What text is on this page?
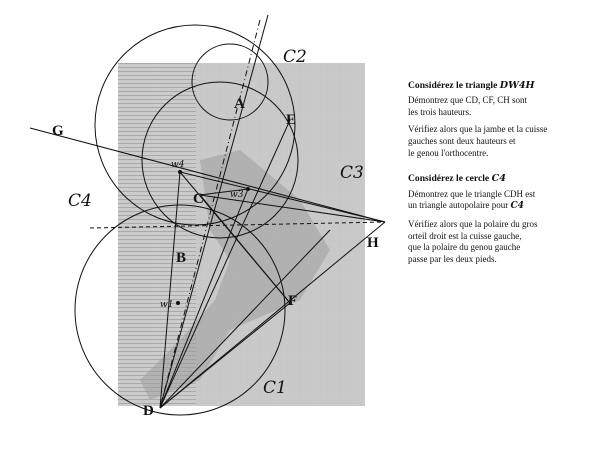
A
E
G
C
B
H
F
D
w4
w3
w1
C2
C3
C4
C1
Considérez le triangle DW4H

Démontrez que CD, CF, CH sont
les trois hauteurs.

Vérifiez alors que la jambe et la cuisse
gauches sont deux hauteurs et
le genou l'orthocentre.

Considérez le cercle C4

Démontrez que le triangle CDH est
un triangle autopolaire pour C4

Vérifiez alors que la polaire du gros
orteil droit est la cuisse gauche,
que la polaire du genou gauche
passe par les deux pieds.
